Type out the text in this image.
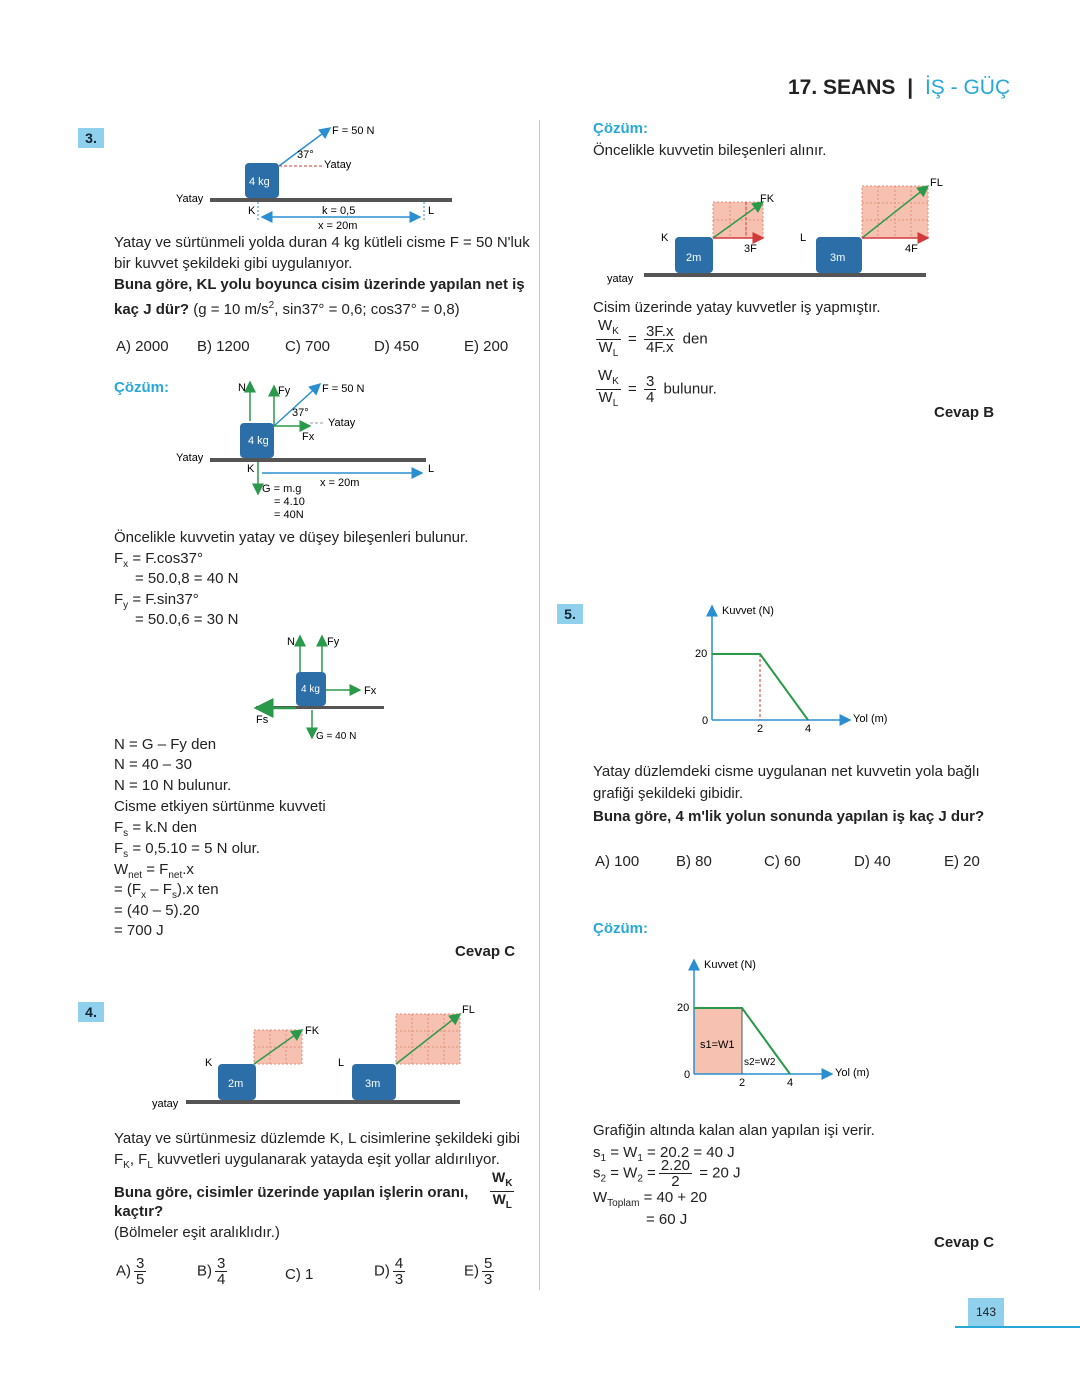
17. SEANS | İŞ - GÜÇ
3.
4 kg
F = 50 N
37°
Yatay
Yatay
K	L
k = 0,5
x = 20m
Yatay ve sürtünmeli yolda duran 4 kg kütleli cisme F = 50 N'luk
bir kuvvet şekildeki gibi uygulanıyor.
Buna göre, KL yolu boyunca cisim üzerinde yapılan net iş
kaç J dür? (g = 10 $m/s^2$, sin37° = 0,6; cos37° = 0,8)
A) 2000 B) 1200 C) 700	D) 450	E) 200
Çözüm:
4 kg
N	Fy	F = 50 N
37°
Yatay
Fx
Yatay
K	L
G = m.g
= 4.10
= 40N
x = 20m
Öncelikle kuvvetin yatay ve düşey bileşenleri bulunur.
$F_x = F.\cos 37^\circ$
= 50.0,8 = 40 N
$F_y = F.\sin 37^\circ$
= 50.0,6 = 30 N
4 kg
N	Fy
Fx
Fs
G = 40 N
N = G – Fy den
N = 40 – 30
N = 10 N bulunur.
Cisme etkiyen sürtünme kuvveti
$F_s = k.N$ den
$F_s = 0,5.10 = 5$ N olur.
$W_{net} = F_{net}.x$
= $(F_x - F_s).x$ ten
= (40 – 5).20
= 700 J
Cevap C
4.
2m	3m
FK
FL
K	L
yatay
Yatay ve sürtünmesiz düzlemde K, L cisimlerine şekildeki gibi
$F_K$, $F_L$ kuvvetleri uygulanarak yatayda eşit yollar aldırılıyor.
Buna göre, cisimler üzerinde yapılan işlerin oranı, $\frac{W_K}{W_L}$
kaçtır?
(Bölmeler eşit aralıklıdır.)
$A) \frac{3}{5}$	$B) \frac{3}{4}$	C) 1	$D) \frac{4}{3}$	$E) \frac{5}{3}$
Çözüm:
Öncelikle kuvvetin bileşenleri alınır.
2m	3m
FK
FL
3F	4F
K	L
yatay
Cisim üzerinde yatay kuvvetler iş yapmıştır.
$\frac{W_K}{W_L} = \frac{3F.x}{4F.x}$ den
$\frac{W_K}{W_L} = \frac{3}{4}$ bulunur.
Cevap B
5.	Kuvvet (N)
Yol (m)
20
0
2	4
Yatay düzlemdeki cisme uygulanan net kuvvetin yola bağlı
grafiği şekildeki gibidir.
Buna göre, 4 m'lik yolun sonunda yapılan iş kaç J dur?
A) 100 B) 80	C) 60	D) 40	E) 20
Çözüm:
Kuvvet (N)
Yol (m)
20
0
2	4
s1=W1
s2=W2
Grafiğin altında kalan alan yapılan işi verir.
$s_1 = W_1 = 20.2 = 40$ J
$s_2 = W_2 = \frac{2.20}{2} = 20$ J
$W_{Toplam} = 40 + 20$
= 60 J
Cevap C
143
